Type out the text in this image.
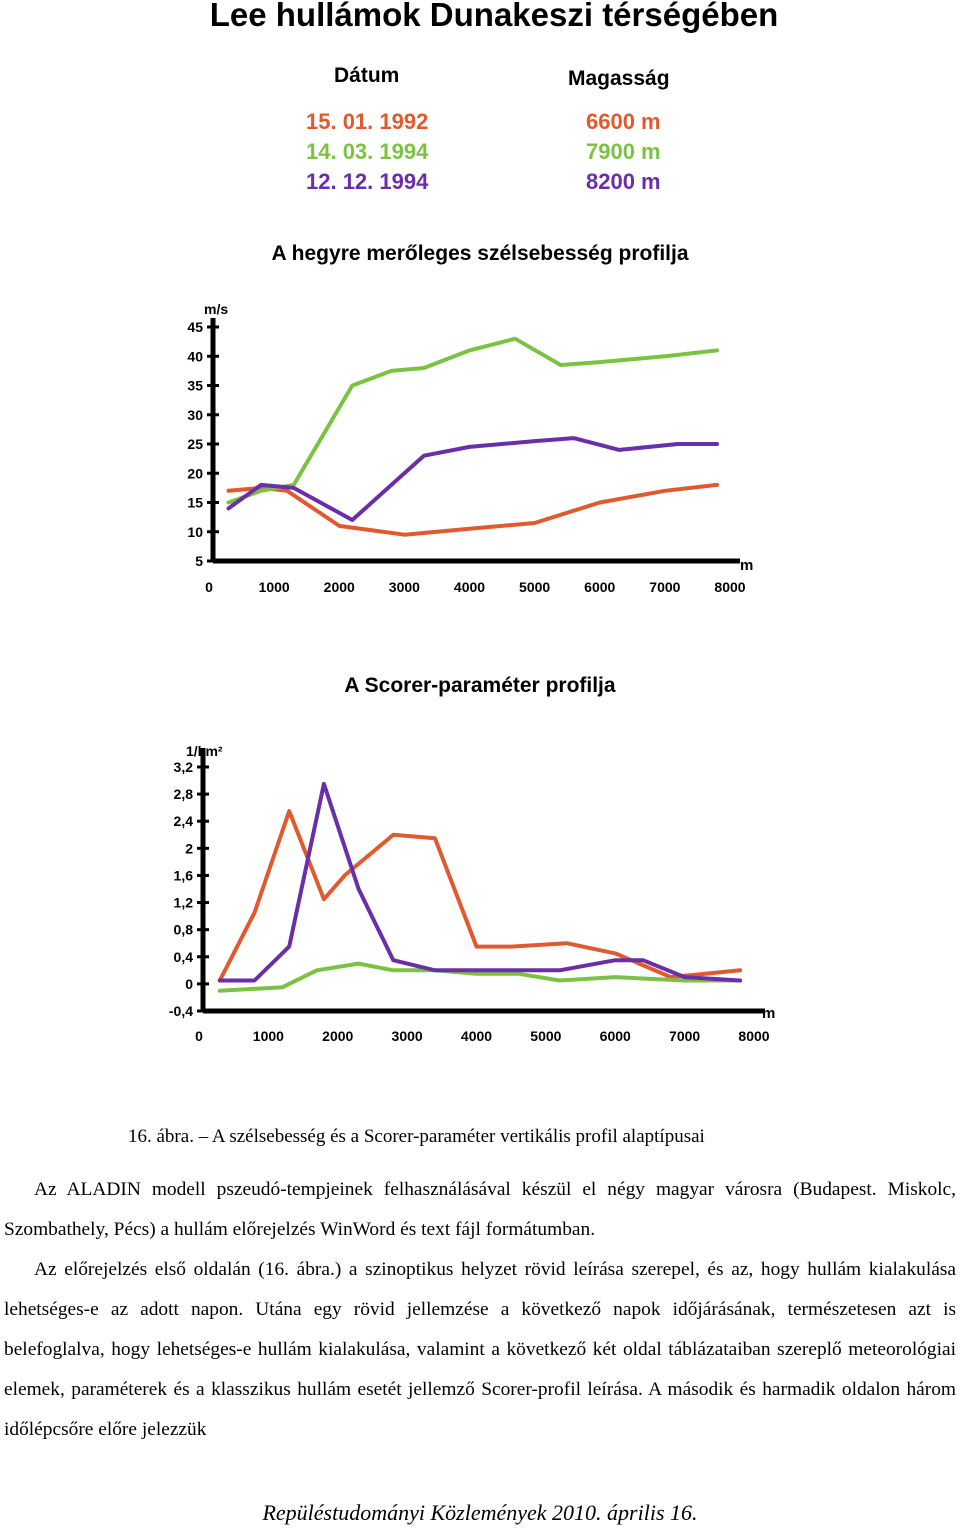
Lee hullámok Dunakeszi térségében
Dátum	Magasság
15. 01. 1992	6600 m
14. 03. 1994	7900 m
12. 12. 1994	8200 m
A hegyre merőleges szélsebesség profilja
5
10
15
20
25
30
35
40
45
0	1000 2000 3000 4000 5000 6000 7000 8000
m/s
m
A Scorer-paraméter profilja
-0,4
0
0,4
0,8
1,2
1,6
2
2,4
2,8
3,2
0	1000	2000	3000	4000	5000	6000	7000	8000
1/km²
m
16. ábra. – A szélsebesség és a Scorer-paraméter vertikális profil alaptípusai

Az ALADIN modell pszeudó-tempjeinek felhasználásával készül el négy magyar városra (Budapest. Miskolc, Szombathely, Pécs) a hullám előrejelzés WinWord és text fájl formátumban.

Az előrejelzés első oldalán (16. ábra.) a szinoptikus helyzet rövid leírása szerepel, és az, hogy hullám kialakulása lehetséges-e az adott napon. Utána egy rövid jellemzése a következő napok időjárásának, természetesen azt is belefoglalva, hogy lehetséges-e hullám kialakulása, valamint a következő két oldal táblázataiban szereplő meteorológiai elemek, paraméterek és a klasszikus hullám esetét jellemző Scorer-profil leírása. A második és harmadik oldalon három időlépcsőre előre jelezzük

Repüléstudományi Közlemények 2010. április 16.
